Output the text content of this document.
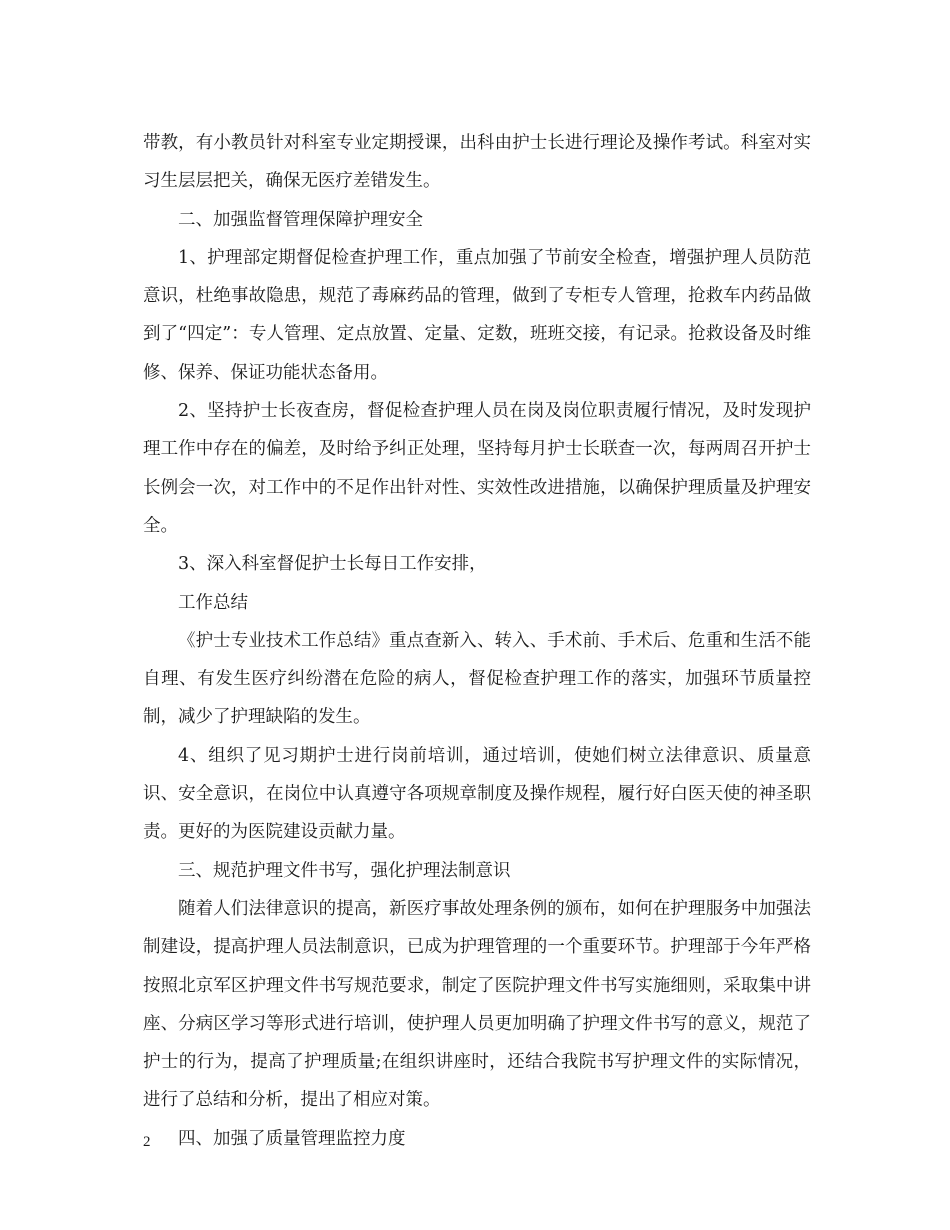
带教，有小教员针对科室专业定期授课，出科由护士长进行理论及操作考试。科室对实习生层层把关，确保无医疗差错发生。

二、加强监督管理保障护理安全

1、护理部定期督促检查护理工作，重点加强了节前安全检查，增强护理人员防范意识，杜绝事故隐患，规范了毒麻药品的管理，做到了专柜专人管理，抢救车内药品做到了“四定”：专人管理、定点放置、定量、定数，班班交接，有记录。抢救设备及时维修、保养、保证功能状态备用。

2、坚持护士长夜查房，督促检查护理人员在岗及岗位职责履行情况，及时发现护理工作中存在的偏差，及时给予纠正处理，坚持每月护士长联查一次，每两周召开护士长例会一次，对工作中的不足作出针对性、实效性改进措施，以确保护理质量及护理安全。

3、深入科室督促护士长每日工作安排，

工作总结

《护士专业技术工作总结》重点查新入、转入、手术前、手术后、危重和生活不能自理、有发生医疗纠纷潜在危险的病人，督促检查护理工作的落实，加强环节质量控制，减少了护理缺陷的发生。

4、组织了见习期护士进行岗前培训，通过培训，使她们树立法律意识、质量意识、安全意识，在岗位中认真遵守各项规章制度及操作规程，履行好白医天使的神圣职责。更好的为医院建设贡献力量。

三、规范护理文件书写，强化护理法制意识

随着人们法律意识的提高，新医疗事故处理条例的颁布，如何在护理服务中加强法制建设，提高护理人员法制意识，已成为护理管理的一个重要环节。护理部于今年严格按照北京军区护理文件书写规范要求，制定了医院护理文件书写实施细则，采取集中讲座、分病区学习等形式进行培训，使护理人员更加明确了护理文件书写的意义，规范了护士的行为，提高了护理质量;在组织讲座时，还结合我院书写护理文件的实际情况，进行了总结和分析，提出了相应对策。

四、加强了质量管理监控力度

2
